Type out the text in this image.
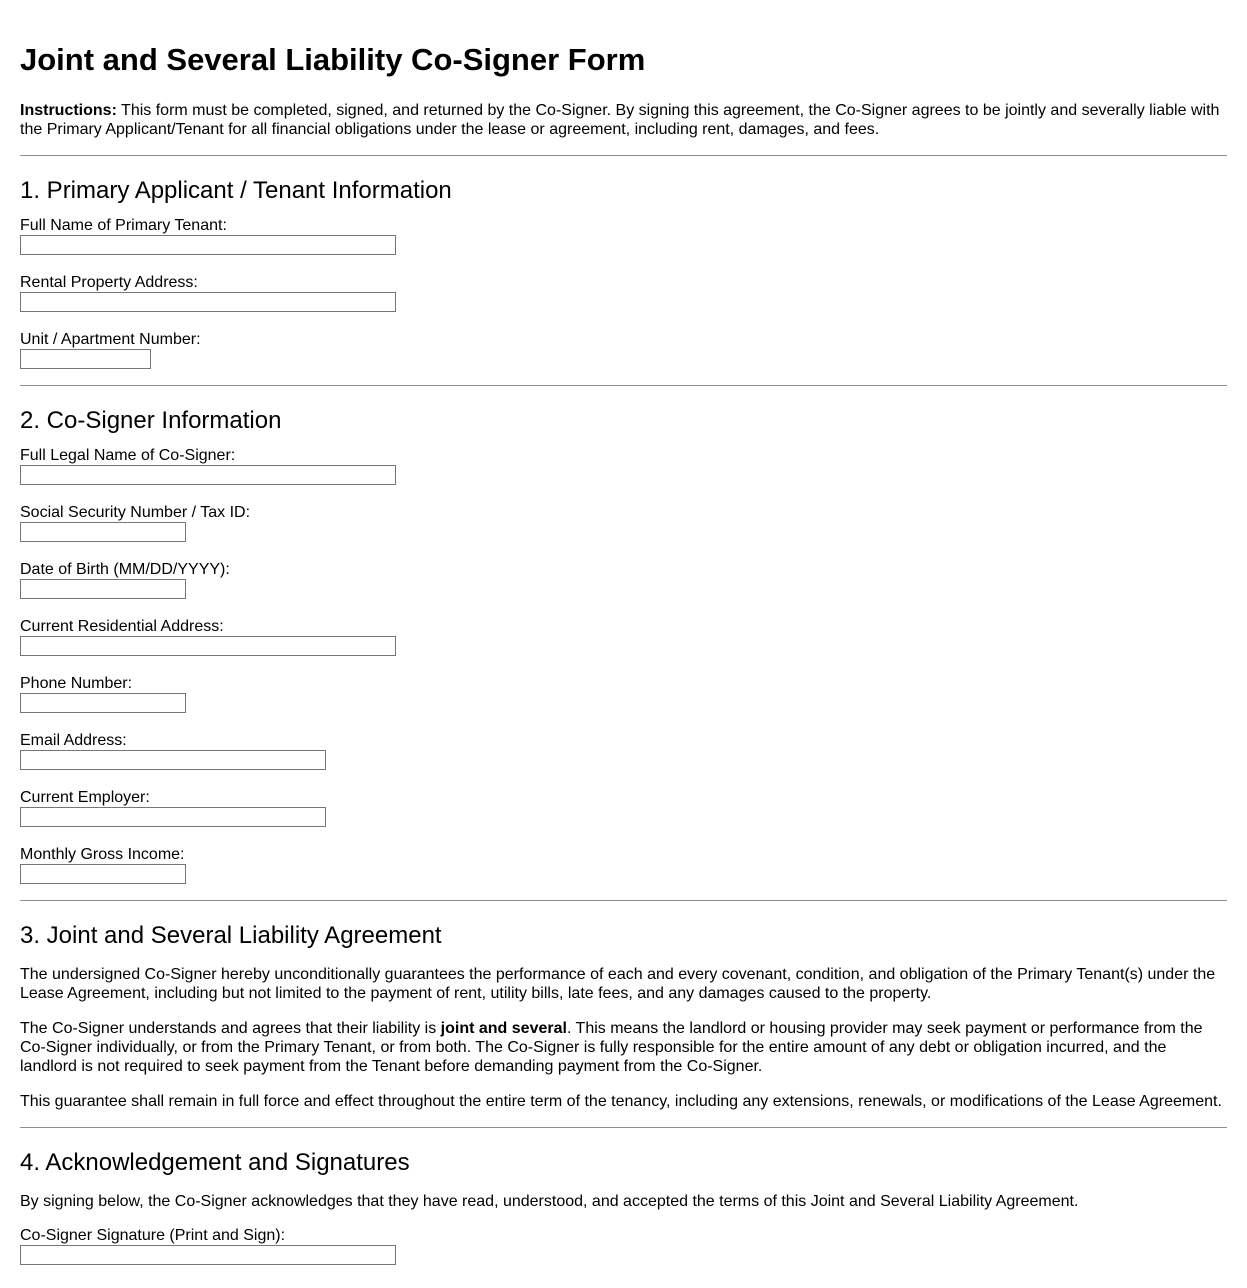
Joint and Several Liability Co-Signer Form

Instructions: This form must be completed, signed, and returned by the Co-Signer. By signing this agreement, the Co-Signer agrees to be jointly and severally liable with the Primary Applicant/Tenant for all financial obligations under the lease or agreement, including rent, damages, and fees.

1. Primary Applicant / Tenant Information
Full Name of Primary Tenant:
Rental Property Address:
Unit / Apartment Number:
2. Co-Signer Information
Full Legal Name of Co-Signer:
Social Security Number / Tax ID:
Date of Birth (MM/DD/YYYY):
Current Residential Address:
Phone Number:
Email Address:
Current Employer:
Monthly Gross Income:
3. Joint and Several Liability Agreement

The undersigned Co-Signer hereby unconditionally guarantees the performance of each and every covenant, condition, and obligation of the Primary Tenant(s) under the Lease Agreement, including but not limited to the payment of rent, utility bills, late fees, and any damages caused to the property.

The Co-Signer understands and agrees that their liability is joint and several. This means the landlord or housing provider may seek payment or performance from the Co-Signer individually, or from the Primary Tenant, or from both. The Co-Signer is fully responsible for the entire amount of any debt or obligation incurred, and the landlord is not required to seek payment from the Tenant before demanding payment from the Co-Signer.

This guarantee shall remain in full force and effect throughout the entire term of the tenancy, including any extensions, renewals, or modifications of the Lease Agreement.

4. Acknowledgement and Signatures

By signing below, the Co-Signer acknowledges that they have read, understood, and accepted the terms of this Joint and Several Liability Agreement.

Co-Signer Signature (Print and Sign):
